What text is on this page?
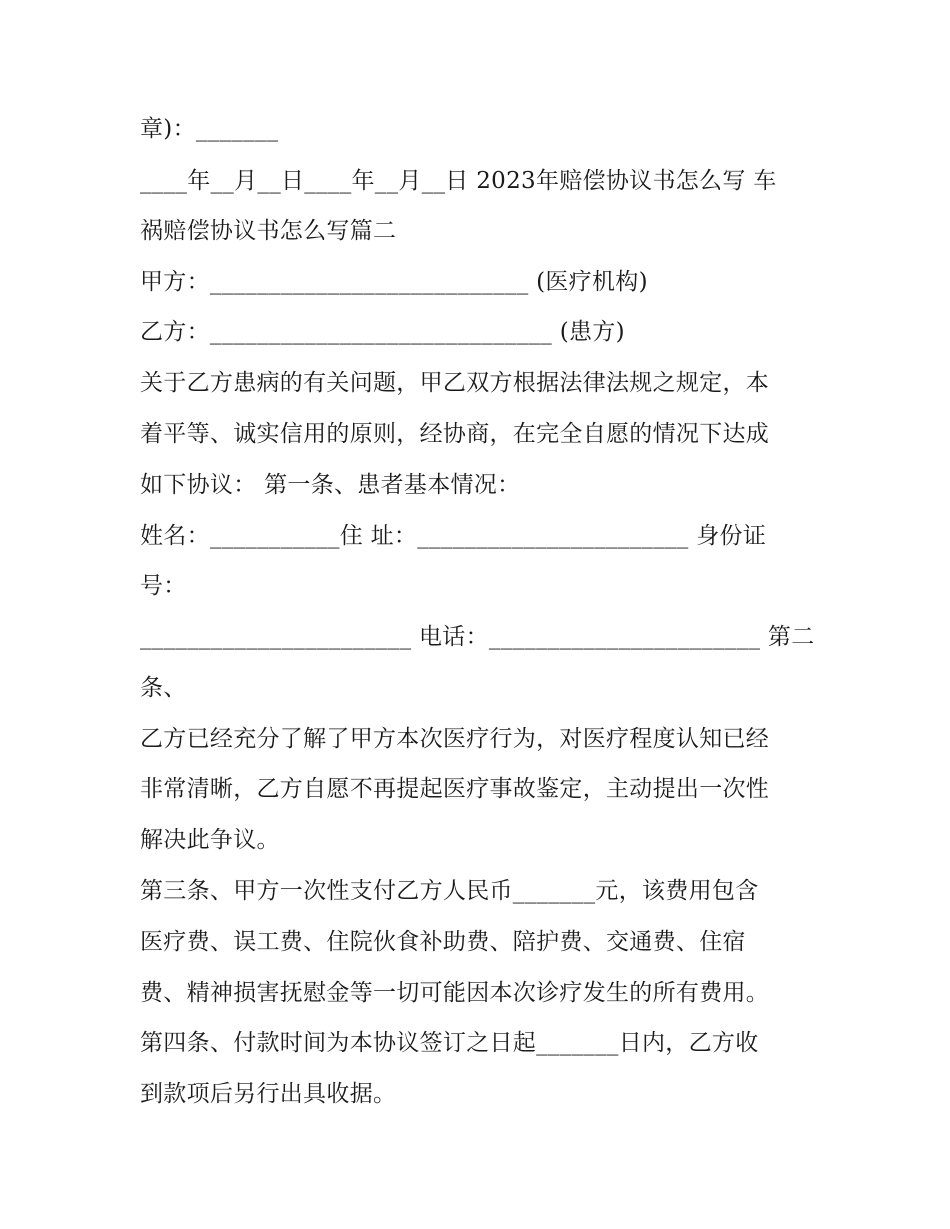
章)：_______
____年__月__日____年__月__日 2023年赔偿协议书怎么写 车
祸赔偿协议书怎么写篇二
甲方：___________________________ (医疗机构)
乙方：_____________________________ (患方)
关于乙方患病的有关问题，甲乙双方根据法律法规之规定，本
着平等、诚实信用的原则，经协商，在完全自愿的情况下达成
如下协议： 第一条、患者基本情况：
姓名：___________住 址：_______________________ 身份证
号：
_______________________ 电话：_______________________ 第二
条、
乙方已经充分了解了甲方本次医疗行为，对医疗程度认知已经
非常清晰，乙方自愿不再提起医疗事故鉴定，主动提出一次性
解决此争议。
第三条、甲方一次性支付乙方人民币_______元，该费用包含
医疗费、误工费、住院伙食补助费、陪护费、交通费、住宿
费、精神损害抚慰金等一切可能因本次诊疗发生的所有费用。
第四条、付款时间为本协议签订之日起_______日内，乙方收
到款项后另行出具收据。
